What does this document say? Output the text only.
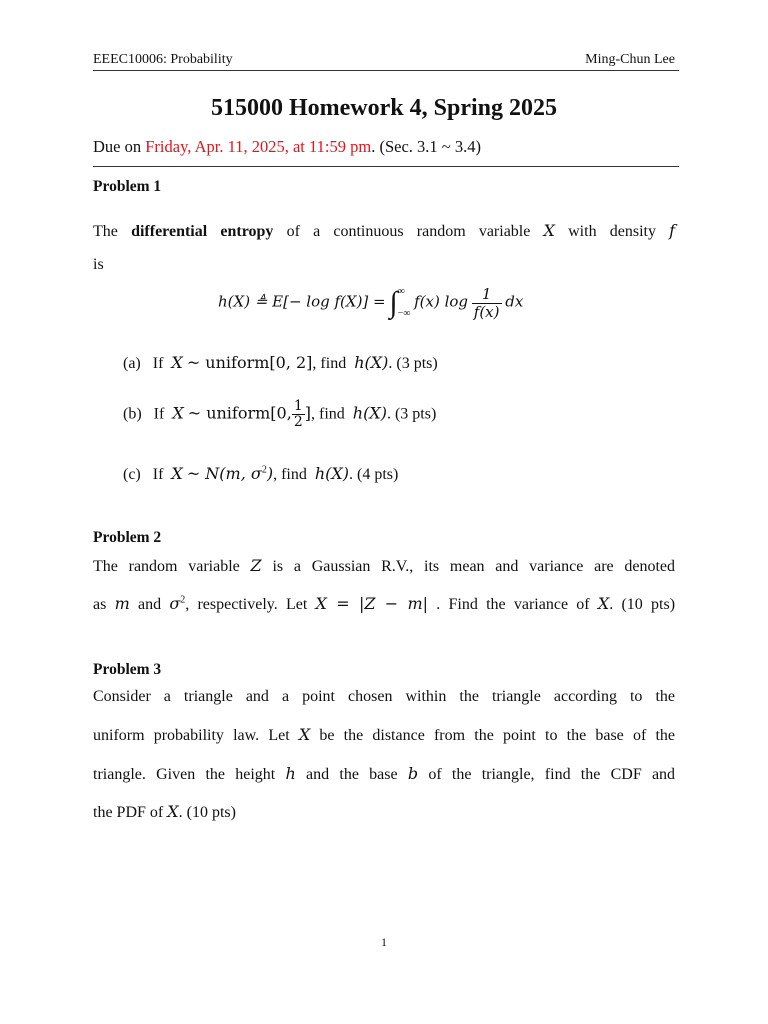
EEEC10006: Probability	Ming-Chun Lee
515000 Homework 4, Spring 2025
Due on Friday, Apr. 11, 2025, at 11:59 pm. (Sec. 3.1 ~ 3.4)
Problem 1
The differential entropy of a continuous random variable X with density f
is
h(X) ≜ E[− log f(X)] = ∫ ∞
−∞
f(x) $\log \frac{1}{f(x)}$ dx
(a) If X ~ uniform[0, 2], find h(X). (3 pts)
(b) If X ~ uniform[0, $\frac{1}{2}$ ], find h(X). (3 pts)
(c) If X ~ N(m, $\sigma^2$), find h(X). (4 pts)
Problem 2
The random variable Z is a Gaussian R.V., its mean and variance are denoted
as m and $\sigma^2$, respectively. Let X = |Z − m| . Find the variance of X. (10 pts)
Problem 3
Consider a triangle and a point chosen within the triangle according to the
uniform probability law. Let X be the distance from the point to the base of the
triangle. Given the height h and the base b of the triangle, find the CDF and
the PDF of X. (10 pts)
1
